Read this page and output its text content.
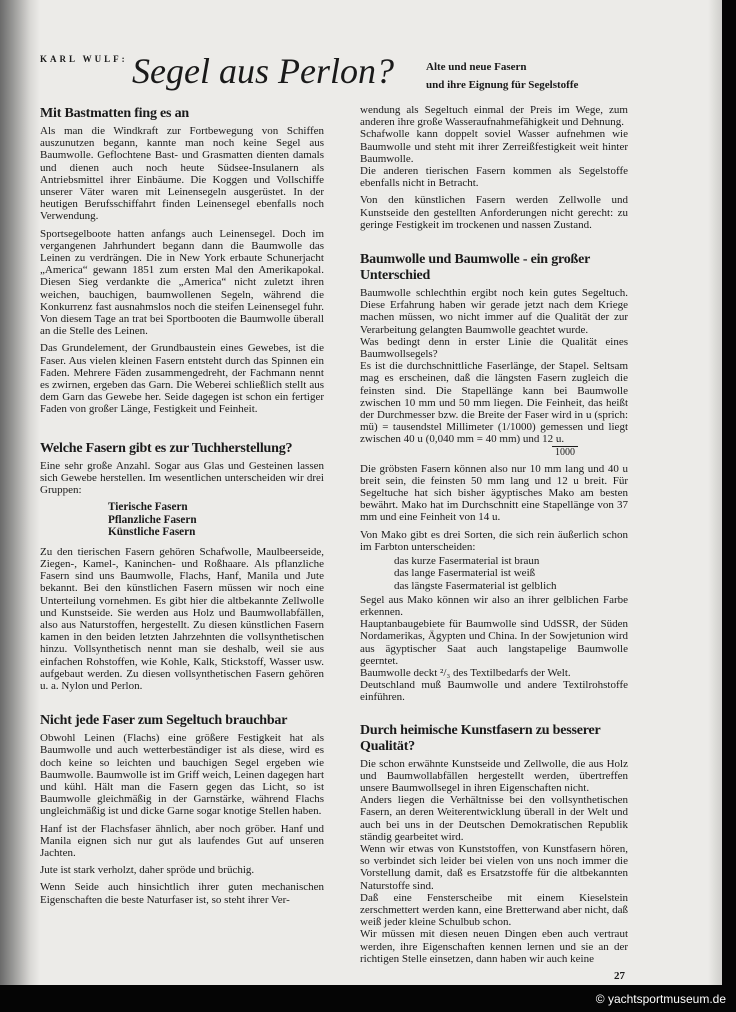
© yachtsportmuseum.de
KARL WULF: Segel aus Perlon?	Alte und neue Fasern
und ihre Eignung für Segelstoffe
Mit Bastmatten fing es an

Als man die Windkraft zur Fortbewegung von Schiffen auszunutzen begann, kannte man noch keine Segel aus Baumwolle. Geflochtene Bast- und Grasmatten dienten damals und dienen auch noch heute Südsee-Insulanern als Antriebsmittel ihrer Einbäume. Die Koggen und Vollschiffe unserer Väter waren mit Leinensegeln ausgerüstet. In der heutigen Berufsschiffahrt finden Leinensegel ebenfalls noch Verwendung.

Sportsegelboote hatten anfangs auch Leinensegel. Doch im vergangenen Jahrhundert begann dann die Baumwolle das Leinen zu verdrängen. Die in New York erbaute Schunerjacht „America“ gewann 1851 zum ersten Mal den Amerikapokal. Diesen Sieg verdankte die „America“ nicht zuletzt ihren weichen, bauchigen, baumwollenen Segeln, während die Konkurrenz fast ausnahmslos noch die steifen Leinensegel fuhr. Von diesem Tage an trat bei Sportbooten die Baumwolle überall an die Stelle des Leinen.

Das Grundelement, der Grundbaustein eines Gewebes, ist die Faser. Aus vielen kleinen Fasern entsteht durch das Spinnen ein Faden. Mehrere Fäden zusammengedreht, der Fachmann nennt es zwirnen, ergeben das Garn. Die Weberei schließlich stellt aus dem Garn das Gewebe her. Seide dagegen ist schon ein fertiger Faden von großer Länge, Festigkeit und Feinheit.

Welche Fasern gibt es zur Tuchherstellung?

Eine sehr große Anzahl. Sogar aus Glas und Gesteinen lassen sich Gewebe herstellen. Im wesentlichen unterscheiden wir drei Gruppen:

Tierische Fasern
Pflanzliche Fasern
Künstliche Fasern

Zu den tierischen Fasern gehören Schafwolle, Maulbeerseide, Ziegen-, Kamel-, Kaninchen- und Roßhaare. Als pflanzliche Fasern sind uns Baumwolle, Flachs, Hanf, Manila und Jute bekannt. Bei den künstlichen Fasern müssen wir noch eine Unterteilung vornehmen. Es gibt hier die altbekannte Zellwolle und Kunstseide. Sie werden aus Holz und Baumwollabfällen, also aus Naturstoffen, hergestellt. Zu diesen künstlichen Fasern kamen in den beiden letzten Jahrzehnten die vollsynthetischen hinzu. Vollsynthetisch nennt man sie deshalb, weil sie aus einfachen Rohstoffen, wie Kohle, Kalk, Stickstoff, Wasser usw. aufgebaut werden. Zu diesen vollsynthetischen Fasern gehören u. a. Nylon und Perlon.

Nicht jede Faser zum Segeltuch brauchbar

Obwohl Leinen (Flachs) eine größere Festigkeit hat als Baumwolle und auch wetterbeständiger ist als diese, wird es doch keine so leichten und bauchigen Segel ergeben wie Baumwolle. Baumwolle ist im Griff weich, Leinen dagegen hart und kühl. Hält man die Fasern gegen das Licht, so ist Baumwolle gleichmäßig in der Garnstärke, während Flachs ungleichmäßig ist und dicke Garne sogar knotige Stellen haben.

Hanf ist der Flachsfaser ähnlich, aber noch gröber. Hanf und Manila eignen sich nur gut als laufendes Gut auf unseren Jachten.

Jute ist stark verholzt, daher spröde und brüchig.

Wenn Seide auch hinsichtlich ihrer guten mechanischen Eigenschaften die beste Naturfaser ist, so steht ihrer Ver-

wendung als Segeltuch einmal der Preis im Wege, zum anderen ihre große Wasseraufnahmefähigkeit und Dehnung.

Schafwolle kann doppelt soviel Wasser aufnehmen wie Baumwolle und steht mit ihrer Zerreißfestigkeit weit hinter Baumwolle.

Die anderen tierischen Fasern kommen als Segelstoffe ebenfalls nicht in Betracht.

Von den künstlichen Fasern werden Zellwolle und Kunstseide den gestellten Anforderungen nicht gerecht: zu geringe Festigkeit im trockenen und nassen Zustand.

Baumwolle und Baumwolle - ein großer Unterschied

Baumwolle schlechthin ergibt noch kein gutes Segeltuch. Diese Erfahrung haben wir gerade jetzt nach dem Kriege machen müssen, wo nicht immer auf die Qualität der zur Verarbeitung gelangten Baumwolle geachtet wurde.

Was bedingt denn in erster Linie die Qualität eines Baumwollsegels?

Es ist die durchschnittliche Faserlänge, der Stapel. Seltsam mag es erscheinen, daß die längsten Fasern zugleich die feinsten sind. Die Stapellänge kann bei Baumwolle zwischen 10 mm und 50 mm liegen. Die Feinheit, das heißt der Durchmesser bzw. die Breite der Faser wird in u (sprich: mü) = tausendstel Millimeter (1/1000) gemessen und liegt zwischen 40 u (0,040 mm = 40 mm) und 12 u.

1000

Die gröbsten Fasern können also nur 10 mm lang und 40 u breit sein, die feinsten 50 mm lang und 12 u breit. Für Segeltuche hat sich bisher ägyptisches Mako am besten bewährt. Mako hat im Durchschnitt eine Stapellänge von 37 mm und eine Feinheit von 14 u.

Von Mako gibt es drei Sorten, die sich rein äußerlich schon im Farbton unterscheiden:

das kurze Fasermaterial ist braun
das lange Fasermaterial ist weiß
das längste Fasermaterial ist gelblich

Segel aus Mako können wir also an ihrer gelblichen Farbe erkennen.

Hauptanbaugebiete für Baumwolle sind UdSSR, der Süden Nordamerikas, Ägypten und China. In der Sowjetunion wird aus ägyptischer Saat auch langstapelige Baumwolle geerntet.

Baumwolle deckt ²/₃ des Textilbedarfs der Welt.

Deutschland muß Baumwolle und andere Textilrohstoffe einführen.

Durch heimische Kunstfasern zu besserer Qualität?

Die schon erwähnte Kunstseide und Zellwolle, die aus Holz und Baumwollabfällen hergestellt werden, übertreffen unsere Baumwollsegel in ihren Eigenschaften nicht.

Anders liegen die Verhältnisse bei den vollsynthetischen Fasern, an deren Weiterentwicklung überall in der Welt und auch bei uns in der Deutschen Demokratischen Republik ständig gearbeitet wird.

Wenn wir etwas von Kunststoffen, von Kunstfasern hören, so verbindet sich leider bei vielen von uns noch immer die Vorstellung damit, daß es Ersatzstoffe für die altbekannten Naturstoffe sind.

Daß eine Fensterscheibe mit einem Kieselstein zerschmettert werden kann, eine Bretterwand aber nicht, daß weiß jeder kleine Schulbub schon.

Wir müssen mit diesen neuen Dingen eben auch vertraut werden, ihre Eigenschaften kennen lernen und sie an der richtigen Stelle einsetzen, dann haben wir auch keine

27
